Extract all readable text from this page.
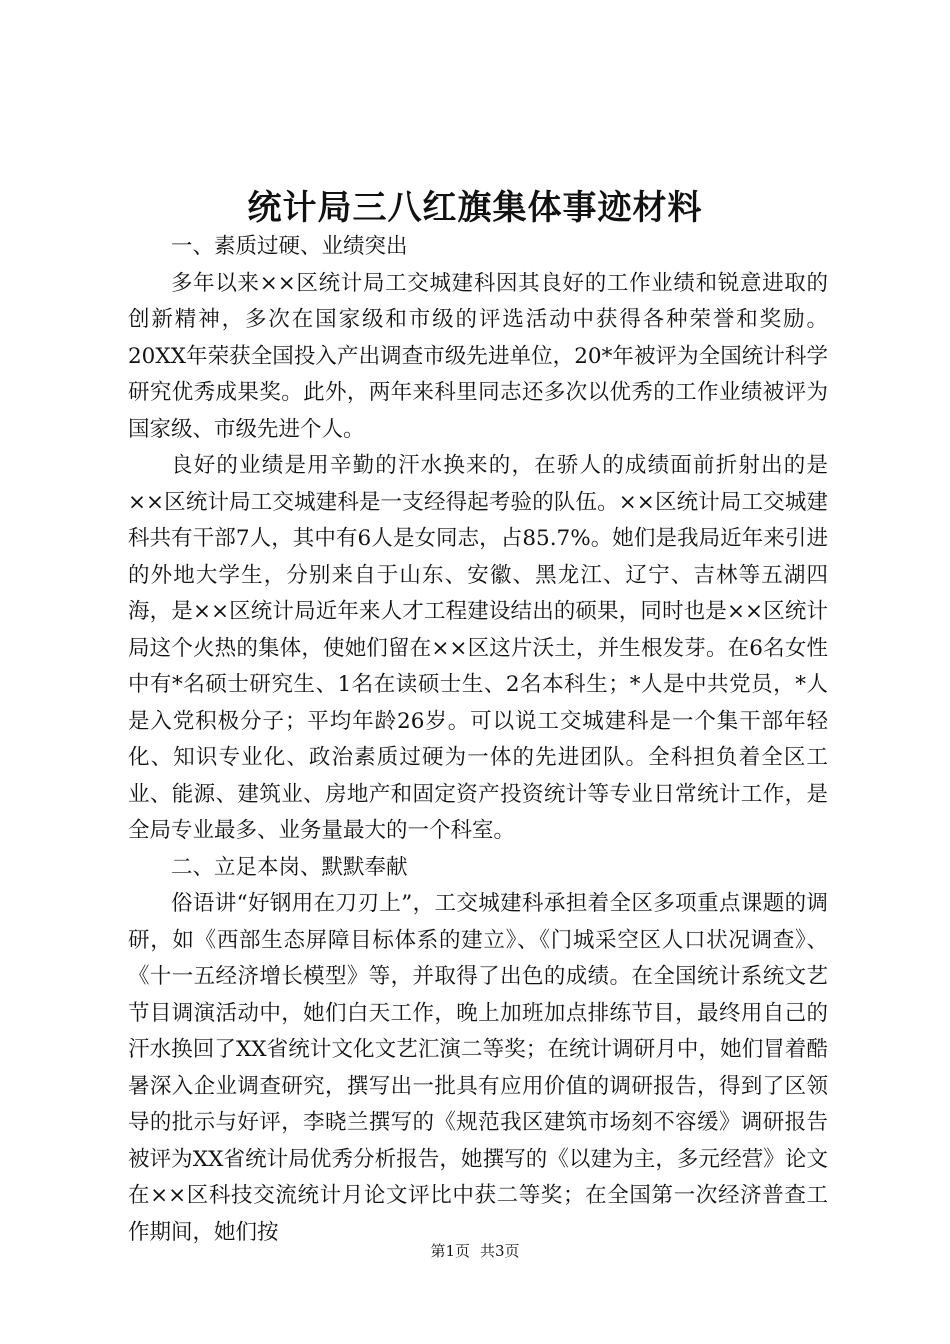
统计局三八红旗集体事迹材料

一、素质过硬、业绩突出

多年以来××区统计局工交城建科因其良好的工作业绩和锐意进取的创新精神，多次在国家级和市级的评选活动中获得各种荣誉和奖励。20XX年荣获全国投入产出调查市级先进单位，20*年被评为全国统计科学研究优秀成果奖。此外，两年来科里同志还多次以优秀的工作业绩被评为国家级、市级先进个人。

良好的业绩是用辛勤的汗水换来的，在骄人的成绩面前折射出的是××区统计局工交城建科是一支经得起考验的队伍。××区统计局工交城建科共有干部7人，其中有6人是女同志，占85.7%。她们是我局近年来引进的外地大学生，分别来自于山东、安徽、黑龙江、辽宁、吉林等五湖四海，是××区统计局近年来人才工程建设结出的硕果，同时也是××区统计局这个火热的集体，使她们留在××区这片沃土，并生根发芽。在6名女性中有*名硕士研究生、1名在读硕士生、2名本科生；*人是中共党员，*人是入党积极分子；平均年龄26岁。可以说工交城建科是一个集干部年轻化、知识专业化、政治素质过硬为一体的先进团队。全科担负着全区工业、能源、建筑业、房地产和固定资产投资统计等专业日常统计工作，是全局专业最多、业务量最大的一个科室。

二、立足本岗、默默奉献

俗语讲“好钢用在刀刃上”，工交城建科承担着全区多项重点课题的调研，如《西部生态屏障目标体系的建立》、《门城采空区人口状况调查》、《十一五经济增长模型》等，并取得了出色的成绩。在全国统计系统文艺节目调演活动中，她们白天工作，晚上加班加点排练节目，最终用自己的汗水换回了XX省统计文化文艺汇演二等奖；在统计调研月中，她们冒着酷暑深入企业调查研究，撰写出一批具有应用价值的调研报告，得到了区领导的批示与好评，李晓兰撰写的《规范我区建筑市场刻不容缓》调研报告被评为XX省统计局优秀分析报告，她撰写的《以建为主，多元经营》论文在××区科技交流统计月论文评比中获二等奖；在全国第一次经济普查工作期间，她们按

第1页 共3页
